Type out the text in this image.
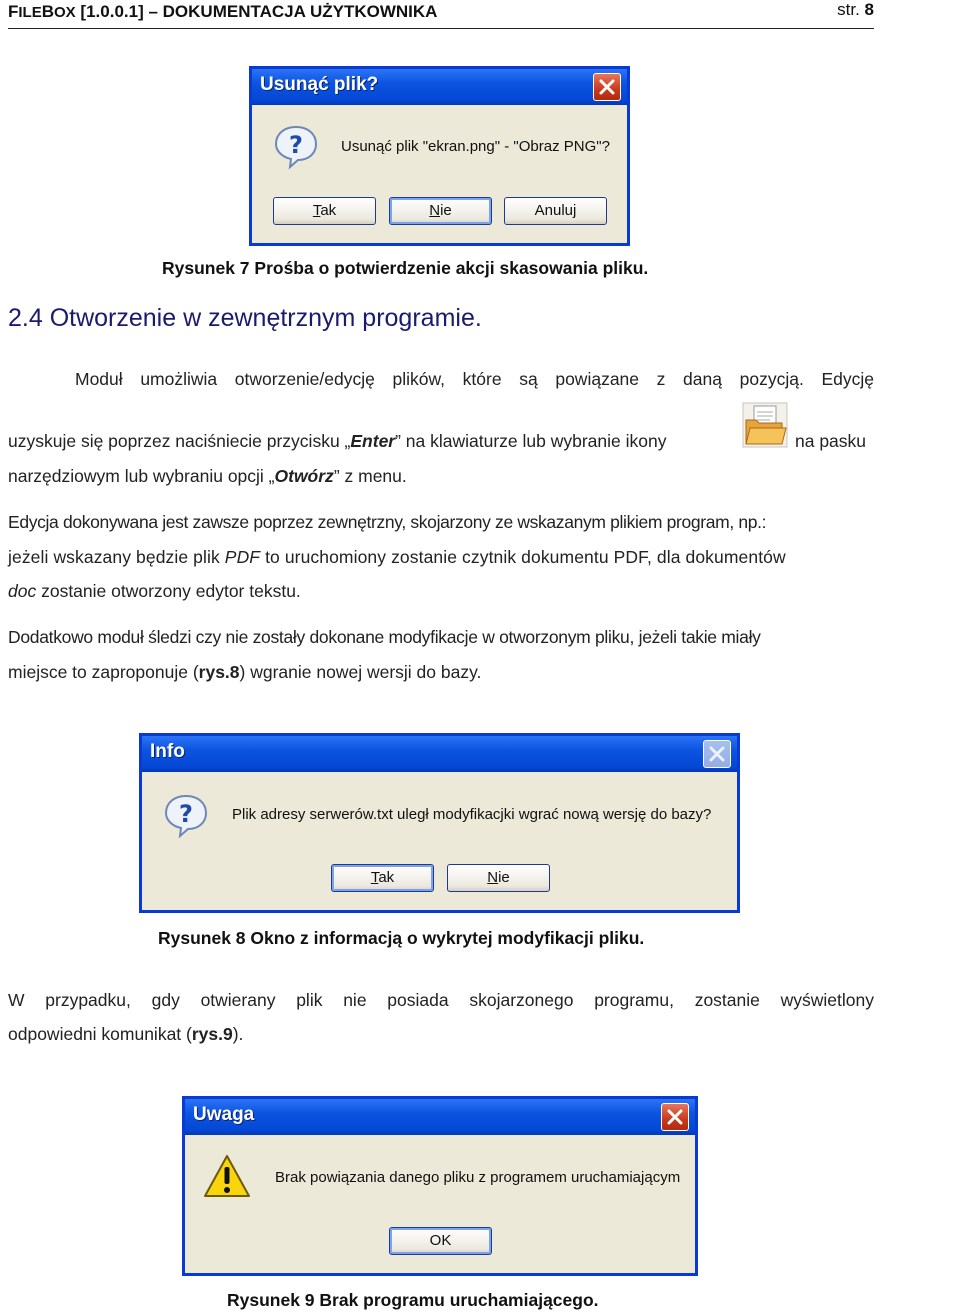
FILEBOX [1.0.0.1] – DOKUMENTACJA UŻYTKOWNIKA	str. 8
Usunąć plik?
?	Usunąć plik "ekran.png" - "Obraz PNG"?
Tak	Nie	Anuluj
Rysunek 7 Prośba o potwierdzenie akcji skasowania pliku.
2.4 Otworzenie w zewnętrznym programie.
Moduł umożliwia otworzenie/edycję plików, które są powiązane z daną pozycją. Edycję
uzyskuje się poprzez naciśniecie przycisku „Enter” na klawiaturze lub wybranie ikony	na pasku
narzędziowym lub wybraniu opcji „Otwórz” z menu.
Edycja dokonywana jest zawsze poprzez zewnętrzny, skojarzony ze wskazanym plikiem program, np.:
jeżeli wskazany będzie plik PDF to uruchomiony zostanie czytnik dokumentu PDF, dla dokumentów
doc zostanie otworzony edytor tekstu.
Dodatkowo moduł śledzi czy nie zostały dokonane modyfikacje w otworzonym pliku, jeżeli takie miały
miejsce to zaproponuje (rys.8) wgranie nowej wersji do bazy.
Info
?	Plik adresy serwerów.txt uległ modyfikacjki wgrać nową wersję do bazy?
Tak	Nie
Rysunek 8 Okno z informacją o wykrytej modyfikacji pliku.
W przypadku, gdy otwierany plik nie posiada skojarzonego programu, zostanie wyświetlony
odpowiedni komunikat (rys.9).
Uwaga
Brak powiązania danego pliku z programem uruchamiającym
OK
Rysunek 9 Brak programu uruchamiającego.
